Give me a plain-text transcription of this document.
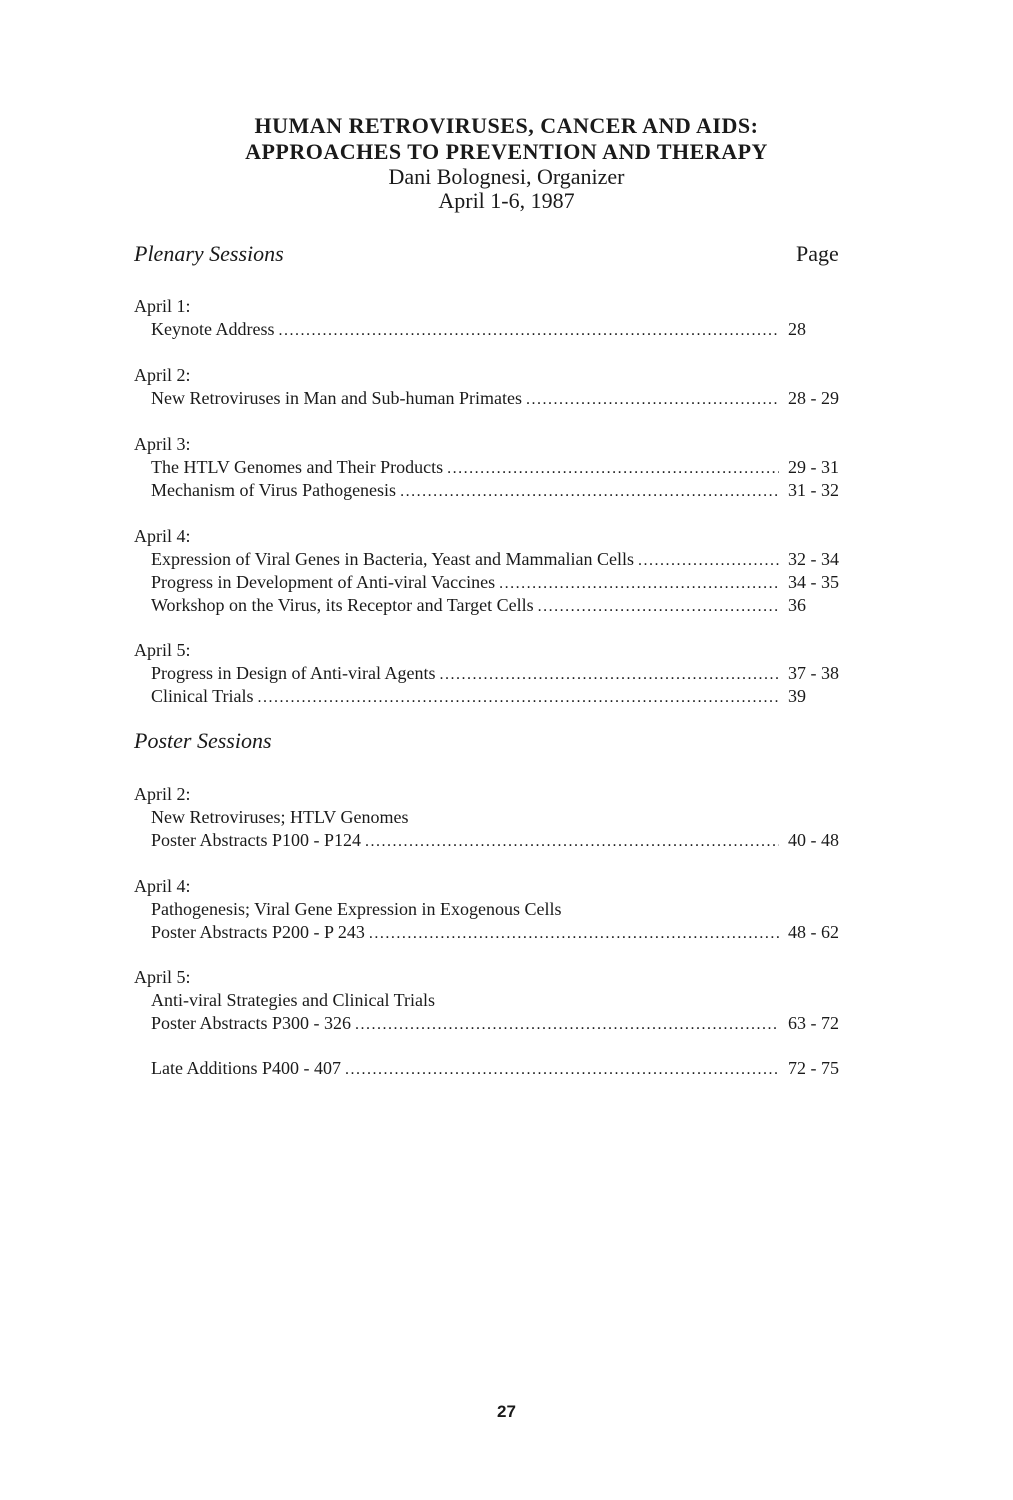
HUMAN RETROVIRUSES, CANCER AND AIDS:
APPROACHES TO PREVENTION AND THERAPY
Dani Bolognesi, Organizer
April 1-6, 1987
Plenary Sessions	Page
April 1:
Keynote Address .....	28
April 2:
New Retroviruses in Man and Sub-human Primates .....	28 - 29
April 3:
The HTLV Genomes and Their Products .....	29 - 31
Mechanism of Virus Pathogenesis .....	31 - 32
April 4:
Expression of Viral Genes in Bacteria, Yeast and Mammalian Cells .....	32 - 34
Progress in Development of Anti-viral Vaccines .....	34 - 35
Workshop on the Virus, its Receptor and Target Cells .....	36
April 5:
Progress in Design of Anti-viral Agents .....	37 - 38
Clinical Trials .....	39
Poster Sessions
April 2:
New Retroviruses; HTLV Genomes
Poster Abstracts P100 - P124 .....	40 - 48
April 4:
Pathogenesis; Viral Gene Expression in Exogenous Cells
Poster Abstracts P200 - P 243 .....	48 - 62
April 5:
Anti-viral Strategies and Clinical Trials
Poster Abstracts P300 - 326 .....	63 - 72
Late Additions P400 - 407 .....	72 - 75
27
